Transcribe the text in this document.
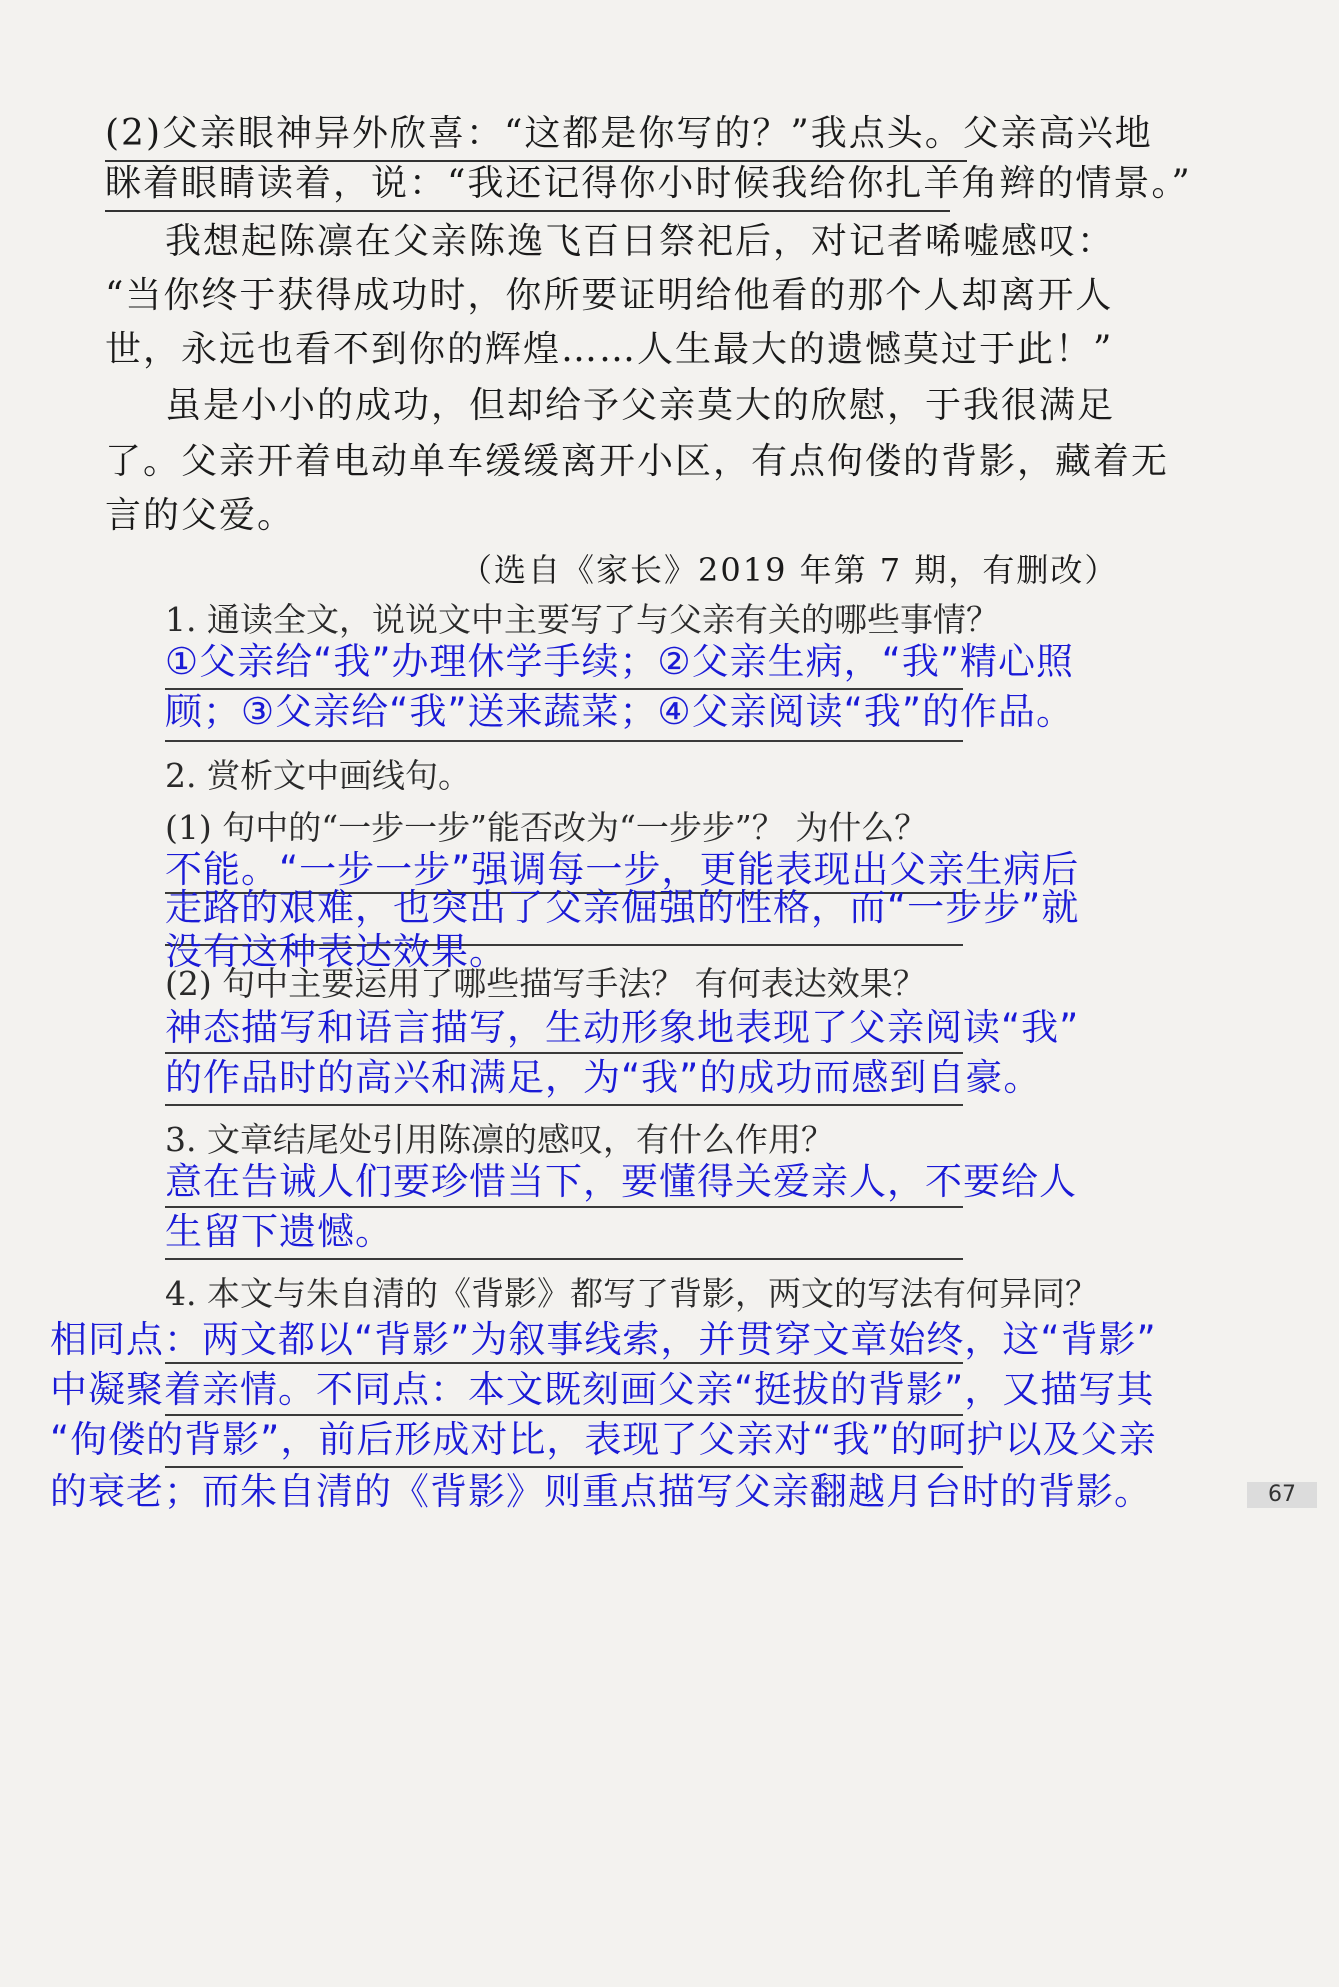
(2)父亲眼神异外欣喜：“这都是你写的？”我点头。父亲高兴地
眯着眼睛读着，说：“我还记得你小时候我给你扎羊角辫的情景。”
我想起陈凛在父亲陈逸飞百日祭祀后，对记者唏嘘感叹：
“当你终于获得成功时，你所要证明给他看的那个人却离开人
世，永远也看不到你的辉煌……人生最大的遗憾莫过于此！”
虽是小小的成功，但却给予父亲莫大的欣慰，于我很满足
了。父亲开着电动单车缓缓离开小区，有点佝偻的背影，藏着无
言的父爱。
（选自《家长》2019 年第 7 期，有删改）
1. 通读全文，说说文中主要写了与父亲有关的哪些事情？
①父亲给“我”办理休学手续；②父亲生病，“我”精心照
顾；③父亲给“我”送来蔬菜；④父亲阅读“我”的作品。
2. 赏析文中画线句。
(1) 句中的“一步一步”能否改为“一步步”？ 为什么？
不能。“一步一步”强调每一步，更能表现出父亲生病后
走路的艰难，也突出了父亲倔强的性格，而“一步步”就
没有这种表达效果。
(2) 句中主要运用了哪些描写手法？ 有何表达效果？
神态描写和语言描写，生动形象地表现了父亲阅读“我”
的作品时的高兴和满足，为“我”的成功而感到自豪。
3. 文章结尾处引用陈凛的感叹，有什么作用？
意在告诫人们要珍惜当下，要懂得关爱亲人，不要给人
生留下遗憾。
4. 本文与朱自清的《背影》都写了背影，两文的写法有何异同？
相同点：两文都以“背影”为叙事线索，并贯穿文章始终，这“背影”
中凝聚着亲情。不同点：本文既刻画父亲“挺拔的背影”，又描写其
“佝偻的背影”，前后形成对比，表现了父亲对“我”的呵护以及父亲
的衰老；而朱自清的《背影》则重点描写父亲翻越月台时的背影。	67
